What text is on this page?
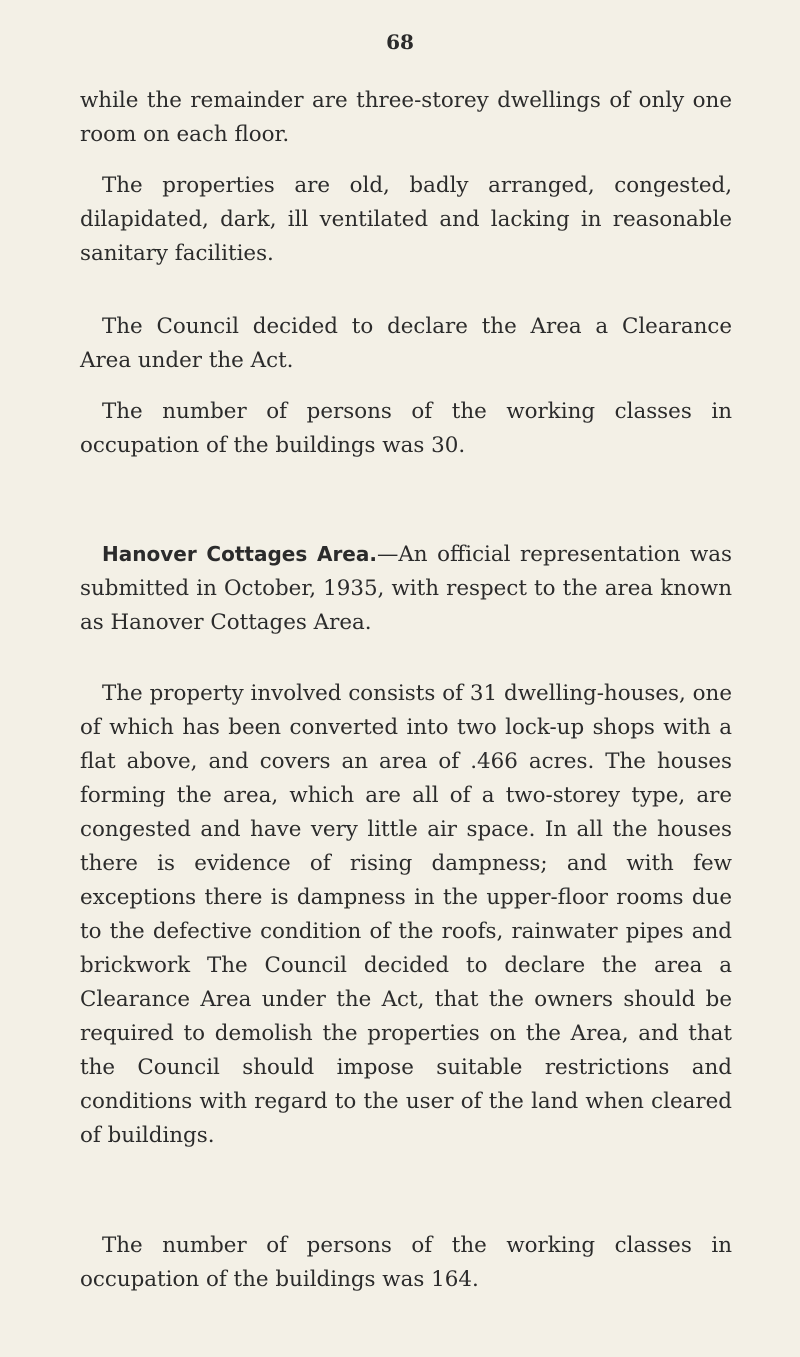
68

while the remainder are three-storey dwellings of only one room on each floor.

The properties are old, badly arranged, congested, dilapidated, dark, ill ventilated and lacking in reasonable sanitary facilities.

The Council decided to declare the Area a Clearance Area under the Act.

The number of persons of the working classes in occupation of the buildings was 30.

Hanover Cottages Area.—An official representation was submitted in October, 1935, with respect to the area known as Hanover Cottages Area.

The property involved consists of 31 dwelling-houses, one of which has been converted into two lock-up shops with a flat above, and covers an area of .466 acres. The houses forming the area, which are all of a two-storey type, are congested and have very little air space. In all the houses there is evidence of rising dampness; and with few exceptions there is dampness in the upper-floor rooms due to the defective condition of the roofs, rainwater pipes and brickwork The Council decided to declare the area a Clearance Area under the Act, that the owners should be required to demolish the properties on the Area, and that the Council should impose suitable restrictions and conditions with regard to the user of the land when cleared of buildings.

The number of persons of the working classes in occupation of the buildings was 164.
